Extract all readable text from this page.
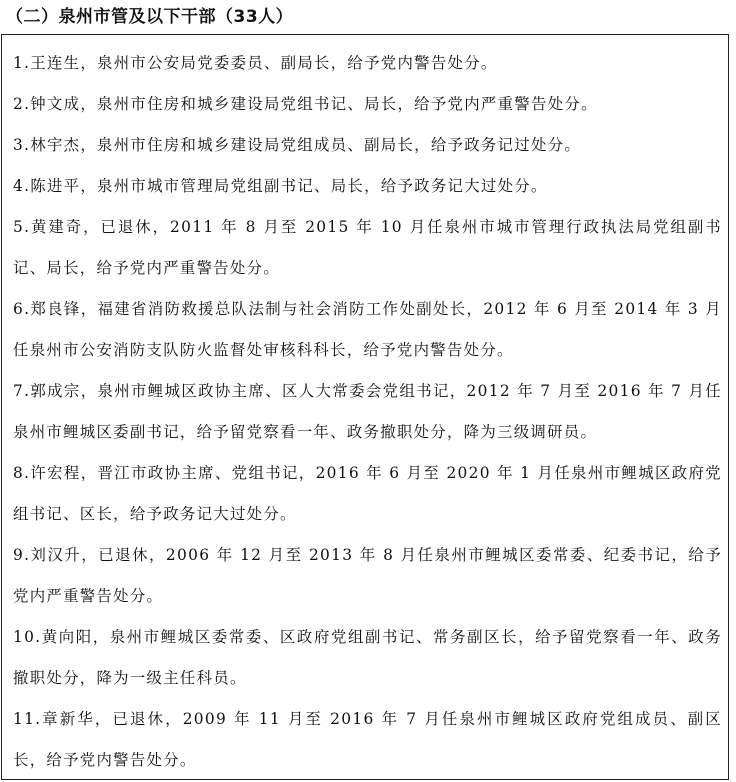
（二）泉州市管及以下干部（33人）

1.王连生，泉州市公安局党委委员、副局长，给予党内警告处分。

2.钟文成，泉州市住房和城乡建设局党组书记、局长，给予党内严重警告处分。

3.林宇杰，泉州市住房和城乡建设局党组成员、副局长，给予政务记过处分。

4.陈进平，泉州市城市管理局党组副书记、局长，给予政务记大过处分。

5.黄建奇，已退休，2011 年 8 月至 2015 年 10 月任泉州市城市管理行政执法局党组副书记、局长，给予党内严重警告处分。

6.郑良锋，福建省消防救援总队法制与社会消防工作处副处长，2012 年 6 月至 2014 年 3 月任泉州市公安消防支队防火监督处审核科科长，给予党内警告处分。

7.郭成宗，泉州市鲤城区政协主席、区人大常委会党组书记，2012 年 7 月至 2016 年 7 月任泉州市鲤城区委副书记，给予留党察看一年、政务撤职处分，降为三级调研员。

8.许宏程，晋江市政协主席、党组书记，2016 年 6 月至 2020 年 1 月任泉州市鲤城区政府党组书记、区长，给予政务记大过处分。

9.刘汉升，已退休，2006 年 12 月至 2013 年 8 月任泉州市鲤城区委常委、纪委书记，给予党内严重警告处分。

10.黄向阳，泉州市鲤城区委常委、区政府党组副书记、常务副区长，给予留党察看一年、政务撤职处分，降为一级主任科员。

11.章新华，已退休，2009 年 11 月至 2016 年 7 月任泉州市鲤城区政府党组成员、副区长，给予党内警告处分。
